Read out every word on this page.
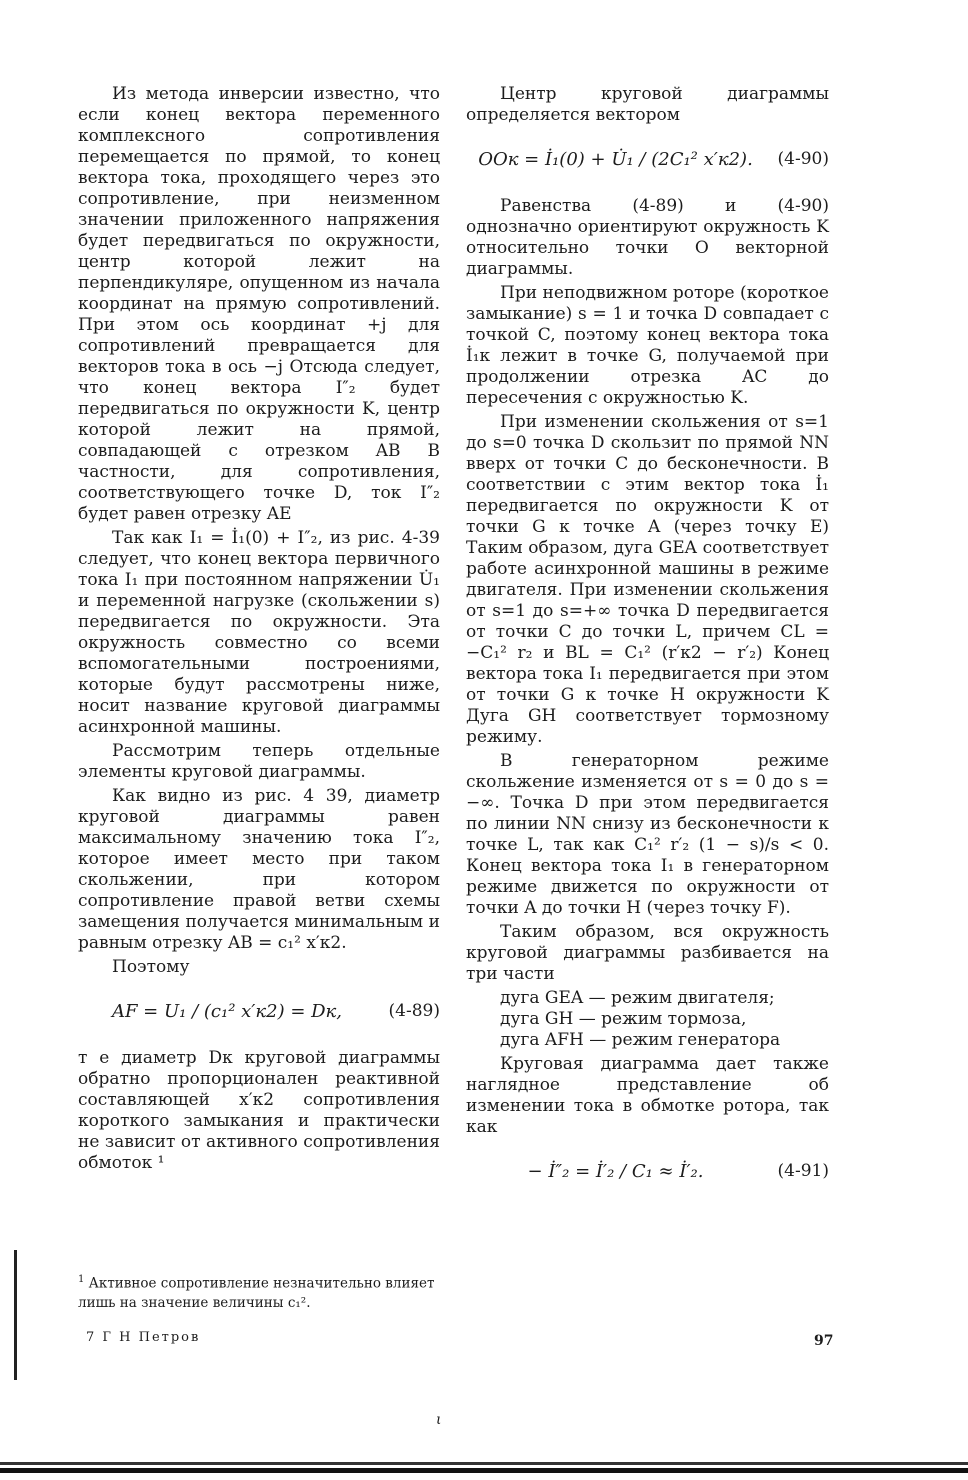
Из метода инверсии известно, что если конец вектора переменного комплексного сопротивления перемещается по прямой, то конец вектора тока, проходящего через это сопротивление, при неизменном значении приложенного напряжения будет передвигаться по окружности, центр которой лежит на перпендикуляре, опущенном из начала координат на прямую сопротивлений. При этом ось координат +j для сопротивлений превращается для векторов тока в ось −j Отсюда следует, что конец вектора I″₂ будет передвигаться по окружности K, центр которой лежит на прямой, совпадающей с отрезком AB В частности, для сопротивления, соответствующего точке D, ток I″₂ будет равен отрезку AE

Так как I₁ = İ₁(0) + I″₂, из рис. 4-39 следует, что конец вектора первичного тока I₁ при постоянном напряжении U̇₁ и переменной нагрузке (скольжении s) передвигается по окружности. Эта окружность совместно со всеми вспомогательными построениями, которые будут рассмотрены ниже, носит название круговой диаграммы асинхронной машины.

Рассмотрим теперь отдельные элементы круговой диаграммы.

Как видно из рис. 4 39, диаметр круговой диаграммы равен максимальному значению тока I″₂, которое имеет место при таком скольжении, при котором сопротивление правой ветви схемы замещения получается минимальным и равным отрезку AB = c₁² x′к2.

Поэтому

AF = U₁ / (c₁² x′к2) = Dк,	(4-89)

т е диаметр Dк круговой диаграммы обратно пропорционален реактивной составляющей x′к2 сопротивления короткого замыкания и практически не зависит от активного сопротивления обмоток ¹

Центр круговой диаграммы определяется вектором

OOк = İ₁(0) + U̇₁ / (2C₁² x′к2).	(4-90)

Равенства (4-89) и (4-90) однозначно ориентируют окружность K относительно точки O векторной диаграммы.

При неподвижном роторе (короткое замыкание) s = 1 и точка D совпадает с точкой C, поэтому конец вектора тока İ₁к лежит в точке G, получаемой при продолжении отрезка AC до пересечения с окружностью K.

При изменении скольжения от s=1 до s=0 точка D скользит по прямой NN вверх от точки C до бесконечности. В соответствии с этим вектор тока İ₁ передвигается по окружности K от точки G к точке A (через точку E) Таким образом, дуга GEA соответствует работе асинхронной машины в режиме двигателя. При изменении скольжения от s=1 до s=+∞ точка D передвигается от точки C до точки L, причем CL = −C₁² r₂ и BL = C₁² (r′к2 − r′₂) Конец вектора тока I₁ передвигается при этом от точки G к точке H окружности K Дуга GH соответствует тормозному режиму.

В генераторном режиме скольжение изменяется от s = 0 до s = −∞. Точка D при этом передвигается по линии NN снизу из бесконечности к точке L, так как C₁² r′₂ (1 − s)/s < 0. Конец вектора тока I₁ в генераторном режиме движется по окружности от точки A до точки H (через точку F).

Таким образом, вся окружность круговой диаграммы разбивается на три части

дуга GEA — режим двигателя;
дуга GH — режим тормоза,
дуга AFH — режим генератора

Круговая диаграмма дает также наглядное представление об изменении тока в обмотке ротора, так как

− İ″₂ = İ′₂ / C₁ ≈ İ′₂.	(4-91)
$^1$ Активное сопротивление незначительно влияет лишь на значение величины c₁².
7 Г Н Петров	97
ι
